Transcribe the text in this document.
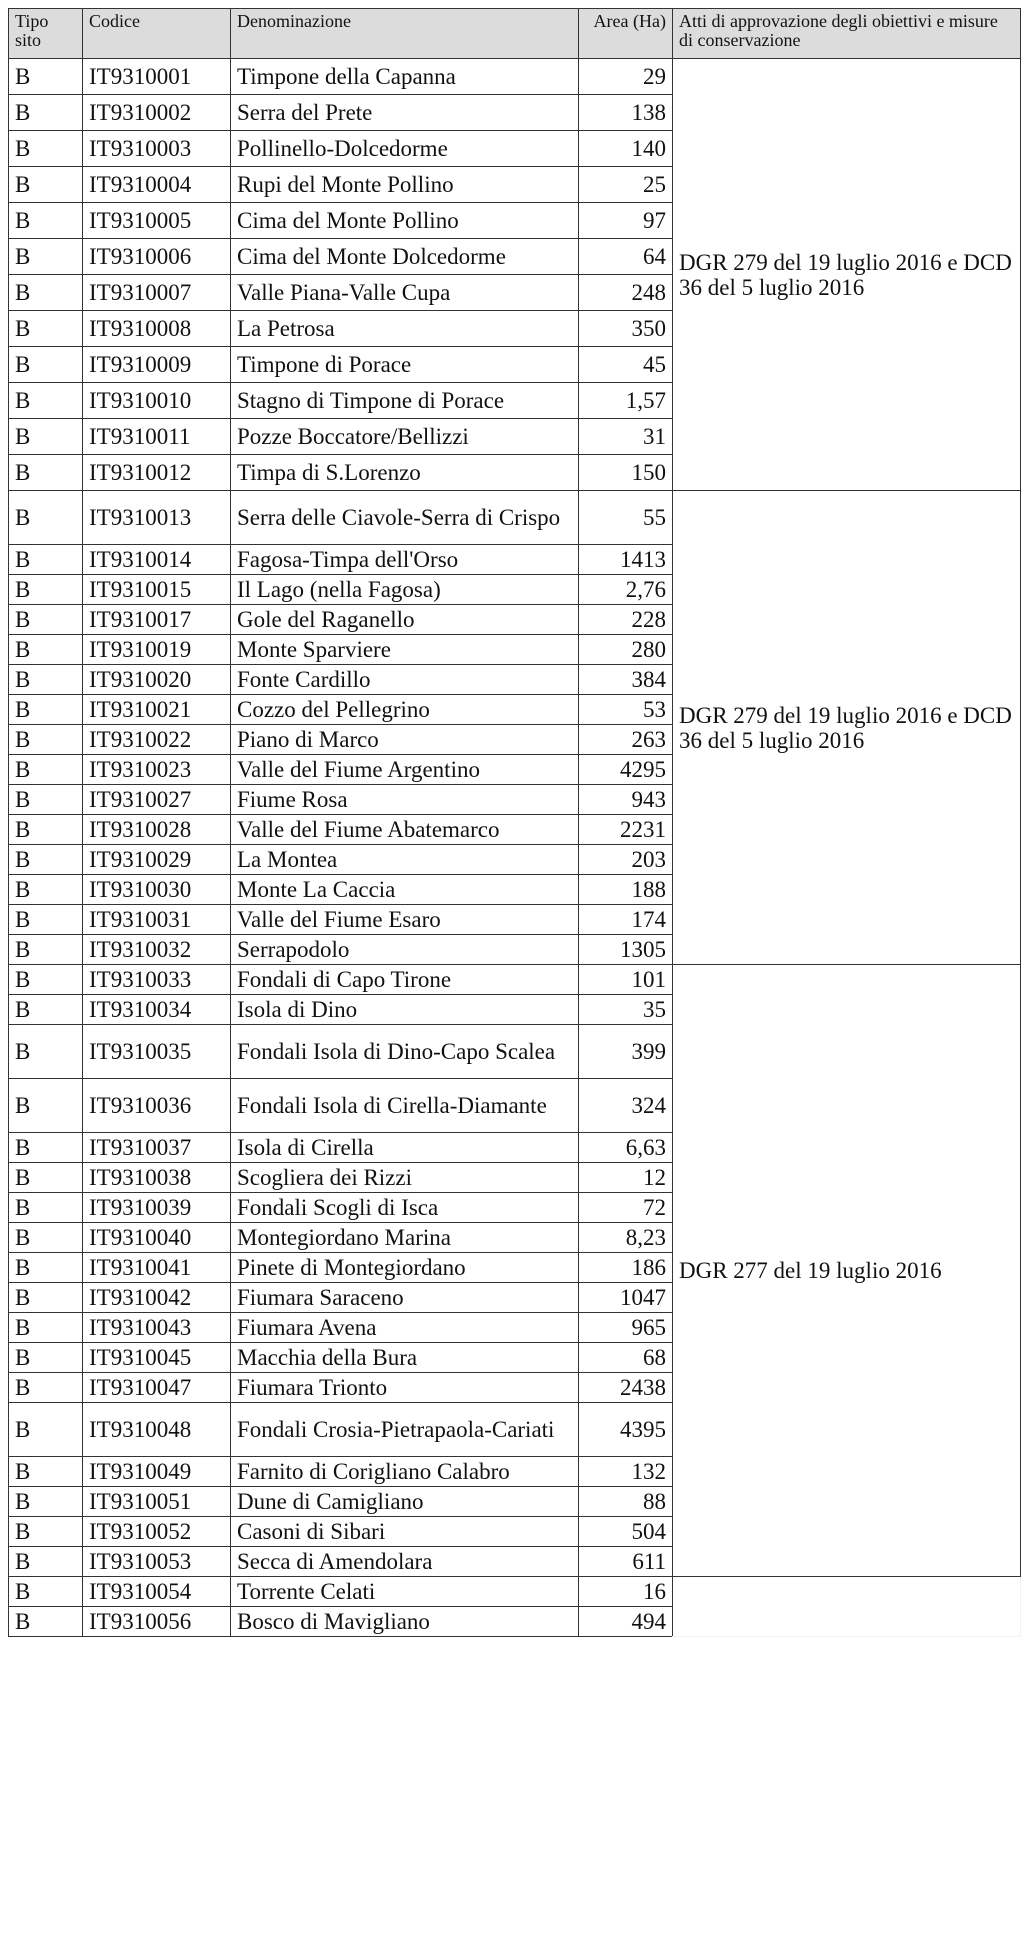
Tipo sito	Codice	Denominazione	Area (Ha)	Atti di approvazione degli obiettivi e misure di conservazione
B	IT9310001	Timpone della Capanna	29	DGR 279 del 19 luglio 2016 e DCD 36 del 5 luglio 2016
B	IT9310002	Serra del Prete	138	
B	IT9310003	Pollinello-Dolcedorme	140	
B	IT9310004	Rupi del Monte Pollino	25	
B	IT9310005	Cima del Monte Pollino	97	
B	IT9310006	Cima del Monte Dolcedorme	64	
B	IT9310007	Valle Piana-Valle Cupa	248	
B	IT9310008	La Petrosa	350	
B	IT9310009	Timpone di Porace	45	
B	IT9310010	Stagno di Timpone di Porace	1,57	
B	IT9310011	Pozze Boccatore/Bellizzi	31	
B	IT9310012	Timpa di S.Lorenzo	150	
B	IT9310013	Serra delle Ciavole-Serra di Crispo	55	DGR 279 del 19 luglio 2016 e DCD 36 del 5 luglio 2016
B	IT9310014	Fagosa-Timpa dell'Orso	1413	
B	IT9310015	Il Lago (nella Fagosa)	2,76	
B	IT9310017	Gole del Raganello	228	
B	IT9310019	Monte Sparviere	280	
B	IT9310020	Fonte Cardillo	384	
B	IT9310021	Cozzo del Pellegrino	53	
B	IT9310022	Piano di Marco	263	
B	IT9310023	Valle del Fiume Argentino	4295	
B	IT9310027	Fiume Rosa	943	
B	IT9310028	Valle del Fiume Abatemarco	2231	
B	IT9310029	La Montea	203	
B	IT9310030	Monte La Caccia	188	
B	IT9310031	Valle del Fiume Esaro	174	
B	IT9310032	Serrapodolo	1305	
B	IT9310033	Fondali di Capo Tirone	101	DGR 277 del 19 luglio 2016
B	IT9310034	Isola di Dino	35	
B	IT9310035	Fondali Isola di Dino-Capo Scalea	399	
B	IT9310036	Fondali Isola di Cirella-Diamante	324	
B	IT9310037	Isola di Cirella	6,63	
B	IT9310038	Scogliera dei Rizzi	12	
B	IT9310039	Fondali Scogli di Isca	72	
B	IT9310040	Montegiordano Marina	8,23	
B	IT9310041	Pinete di Montegiordano	186	
B	IT9310042	Fiumara Saraceno	1047	
B	IT9310043	Fiumara Avena	965	
B	IT9310045	Macchia della Bura	68	
B	IT9310047	Fiumara Trionto	2438	
B	IT9310048	Fondali Crosia-Pietrapaola-Cariati	4395	
B	IT9310049	Farnito di Corigliano Calabro	132	
B	IT9310051	Dune di Camigliano	88	
B	IT9310052	Casoni di Sibari	504	
B	IT9310053	Secca di Amendolara	611	
B	IT9310054	Torrente Celati	16	
B	IT9310056	Bosco di Mavigliano	494	
